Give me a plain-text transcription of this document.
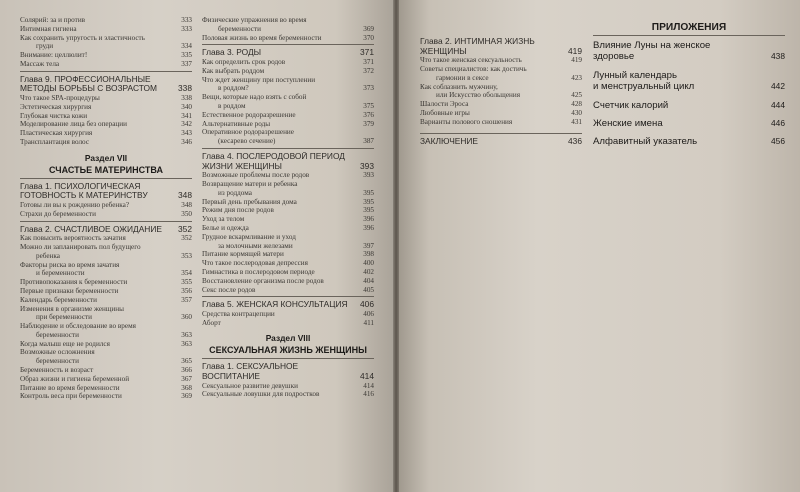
Солярий: за и против	333
Интимная гигиена	333
Как сохранить упругость и эластичность
груди	334
Внимание: целлюлит!	335
Массаж тела	337
Глава 9. ПРОФЕССИОНАЛЬНЫЕ
МЕТОДЫ БОРЬБЫ С ВОЗРАСТОМ	338
Что такое SPA-процедуры	338
Эстетическая хирургия	340
Глубокая чистка кожи	341
Моделирование лица без операции	342
Пластическая хирургия	343
Трансплантация волос	346
Раздел VII
СЧАСТЬЕ МАТЕРИНСТВА
Глава 1. ПСИХОЛОГИЧЕСКАЯ
ГОТОВНОСТЬ К МАТЕРИНСТВУ	348
Готовы ли вы к рождению ребенка?	348
Страхи до беременности	350
Глава 2. СЧАСТЛИВОЕ ОЖИДАНИЕ	352
Как повысить вероятность зачатия	352
Можно ли запланировать пол будущего
ребенка	353
Факторы риска во время зачатия
и беременности	354
Противопоказания к беременности	355
Первые признаки беременности	356
Календарь беременности	357
Изменения в организме женщины
при беременности	360
Наблюдение и обследование во время
беременности	363
Когда малыш еще не родился	363
Возможные осложнения
беременности	365
Беременность и возраст	366
Образ жизни и гигиена беременной	367
Питание во время беременности	368
Контроль веса при беременности	369
Физические упражнения во время
беременности	369
Половая жизнь во время беременности	370
Глава 3. РОДЫ	371
Как определить срок родов	371
Как выбрать роддом	372
Что ждет женщину при поступлении
в роддом?	373
Вещи, которые надо взять с собой
в роддом	375
Естественное родоразрешение	376
Альтернативные роды	379
Оперативное родоразрешение
(кесарево сечение)	387
Глава 4. ПОСЛЕРОДОВОЙ ПЕРИОД
ЖИЗНИ ЖЕНЩИНЫ	393
Возможные проблемы после родов	393
Возвращение матери и ребенка
из роддома	395
Первый день пребывания дома	395
Режим дня после родов	395
Уход за телом	396
Белье и одежда	396
Грудное вскармливание и уход
за молочными железами	397
Питание кормящей матери	398
Что такое послеродовая депрессия	400
Гимнастика в послеродовом периоде	402
Восстановление организма после родов	404
Секс после родов	405
Глава 5. ЖЕНСКАЯ КОНСУЛЬТАЦИЯ	406
Средства контрацепции	406
Аборт	411
Раздел VIII
СЕКСУАЛЬНАЯ ЖИЗНЬ ЖЕНЩИНЫ
Глава 1. СЕКСУАЛЬНОЕ
ВОСПИТАНИЕ	414
Сексуальное развитие девушки	414
Сексуальные ловушки для подростков	416
Глава 2. ИНТИМНАЯ ЖИЗНЬ
ЖЕНЩИНЫ	419
Что такое женская сексуальность	419
Советы специалистов: как достичь
гармонии в сексе	423
Как соблазнить мужчину,
или Искусство обольщения	425
Шалости Эроса	428
Любовные игры	430
Варианты полового сношения	431
ЗАКЛЮЧЕНИЕ	436
ПРИЛОЖЕНИЯ
Влияние Луны на женское
здоровье	438
Лунный календарь
и менструальный цикл	442
Счетчик калорий	444
Женские имена	446
Алфавитный указатель	456
